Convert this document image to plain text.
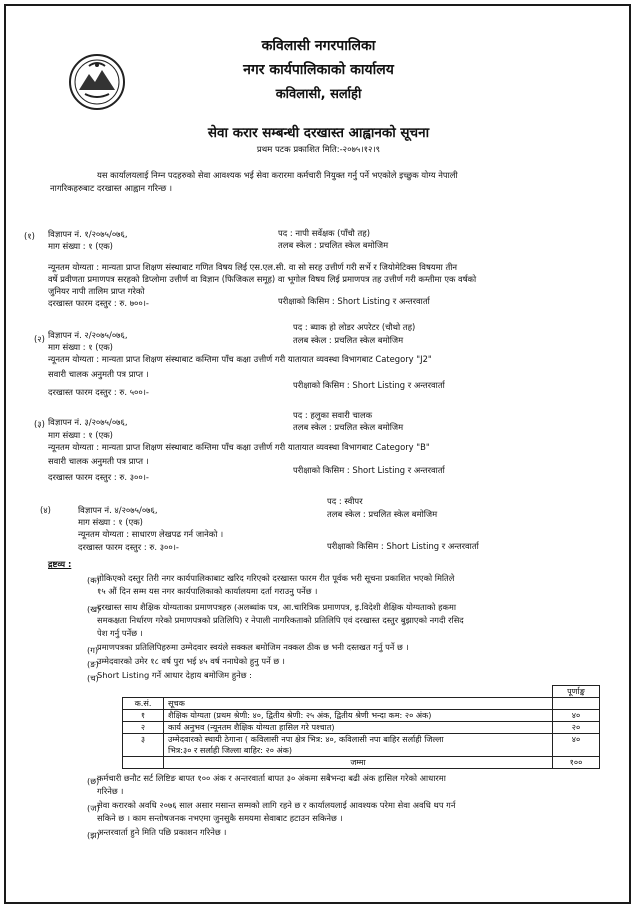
कविलासी नगरपालिका
नगर कार्यपालिकाको कार्यालय
कविलासी, सर्लाही
सेवा करार सम्बन्धी दरखास्त आह्वानको सूचना
प्रथम पटक प्रकाशित मिति:-२०७५।१२।९
यस कार्यालयलाई निम्न पदहरुको सेवा आवश्यक भई सेवा करारमा कर्मचारी नियुक्त गर्नु पर्ने भएकोले इच्छुक योग्य नेपाली
नागरिकहरुबाट दरखास्त आह्वान गरिन्छ ।
(१) विज्ञापन नं. १/२०७५/०७६,
माग संख्या : १ (एक)
पद : नापी सर्वेक्षक (पाँचौ तह)
तलब स्केल : प्रचलित स्केल बमोजिम
न्यूनतम योग्यता : मान्यता प्राप्त शिक्षण संस्थाबाट गणित विषय लिई एस.एल.सी. वा सो सरह उत्तीर्ण गरी सर्भे र जियोमेटिक्स विषयमा तीन
वर्षे प्रवीणता प्रमाणपत्र सरहको डिप्लोमा उत्तीर्ण वा विज्ञान (फिजिकल समूह) वा भूगोल विषय लिई प्रमाणपत्र तह उत्तीर्ण गरी कम्तीमा एक वर्षको
जुनियर नापी तालिम प्राप्त गरेको
दरखास्त फारम दस्तुर : रु. ७००।-	परीक्षाको किसिम : Short Listing र अन्तरवार्ता
(२) विज्ञापन नं. २/२०७५/०७६,
माग संख्या : १ (एक)
पद : ब्याक हो लोडर अपरेटर (चौथो तह)
तलब स्केल : प्रचलित स्केल बमोजिम
न्यूनतम योग्यता : मान्यता प्राप्त शिक्षण संस्थाबाट कम्तिमा पाँच कक्षा उत्तीर्ण गरी यातायात व्यवस्था विभागबाट Category "J2"
सवारी चालक अनुमती पत्र प्राप्त ।
दरखास्त फारम दस्तुर : रु. ५००।-
परीक्षाको किसिम : Short Listing र अन्तरवार्ता
(३) विज्ञापन नं. ३/२०७५/०७६,
माग संख्या : १ (एक)
पद : हलुका सवारी चालक
तलब स्केल : प्रचलित स्केल बमोजिम
न्यूनतम योग्यता : मान्यता प्राप्त शिक्षण संस्थाबाट कम्तिमा पाँच कक्षा उत्तीर्ण गरी यातायात व्यवस्था विभागबाट Category "B"
सवारी चालक अनुमती पत्र प्राप्त ।
दरखास्त फारम दस्तुर : रु. ३००।-
परीक्षाको किसिम : Short Listing र अन्तरवार्ता
(४)	विज्ञापन नं. ४/२०७५/०७६,
माग संख्या : १ (एक)
पद : स्वीपर
तलब स्केल : प्रचलित स्केल बमोजिम
न्यूनतम योग्यता : साधारण लेखपढ गर्न जानेको ।
दरखास्त फारम दस्तुर : रु. ३००।-	परीक्षाको किसिम : Short Listing र अन्तरवार्ता
द्रष्टव्य :
(क)
तोकिएको दस्तुर तिरी नगर कार्यपालिकाबाट खरिद गरिएको दरखास्त फारम रीत पूर्वक भरी सूचना प्रकाशित भएको मितिले
१५ औं दिन सम्म यस नगर कार्यपालिकाको कार्यालयमा दर्ता गराउनु पर्नेछ ।
(ख)
दरखास्त साथ शैक्षिक योग्यताका प्रमाणपत्रहरु (अलब्धांक पत्र, आ.चारित्रिक प्रमाणपत्र, इ.विदेशी शैक्षिक योग्यताको हकमा
समकक्षता निर्धारण गरेको प्रमाणपत्रको प्रतिलिपि) र नेपाली नागरिकताको प्रतिलिपि एवं दरखास्त दस्तुर बुझाएको नगदी रसिद
पेश गर्नु पर्नेछ ।
(ग)
प्रमाणपत्रका प्रतिलिपिहरुमा उम्मेदवार स्वयंले सक्कल बमोजिम नक्कल ठीक छ भनी दस्तखत गर्नु पर्ने छ ।
(ङ)
उम्मेदवारको उमेर १८ वर्ष पुरा भई ४५ वर्ष ननाघेको हुनु पर्ने छ ।
(च)
Short Listing गर्ने आधार देहाय बमोजिम हुनेछ :
		पूर्णाङ्क
क.सं.	सूचक	
१	शैक्षिक योग्यता (प्रथम श्रेणी: ४०, द्वितीय श्रेणी: २५ अंक, द्वितीय श्रेणी भन्दा कम: २० अंक)	४०
२	कार्य अनुभव (न्यूनतम शैक्षिक योग्यता हासिल गरे पश्चात)	२०
३	उम्मेदवारको स्थायी ठेगाना ( कविलासी नपा क्षेत्र भित्र: ४०, कविलासी नपा बाहिर सर्लाही जिल्ला
भित्र:३० र सर्लाही जिल्ला बाहिर: २० अंक)	४०
	जम्मा	१००
(छ)
कर्मचारी छनौट सर्ट लिष्टिङ बापत १०० अंक र अन्तरवार्ता बापत ३० अंकमा सबैभन्दा बढी अंक हासिल गरेको आधारमा
गरिनेछ ।
(ज)
सेवा करारको अवधि २०७६ साल असार मसान्त सम्मको लागि रहने छ र कार्यालयलाई आवश्यक परेमा सेवा अवधि थप गर्न
सकिने छ । काम सन्तोषजनक नभएमा जुनसुकै समयमा सेवाबाट हटाउन सकिनेछ ।
(झ)
अन्तरवार्ता हुने मिति पछि प्रकाशन गरिनेछ ।
